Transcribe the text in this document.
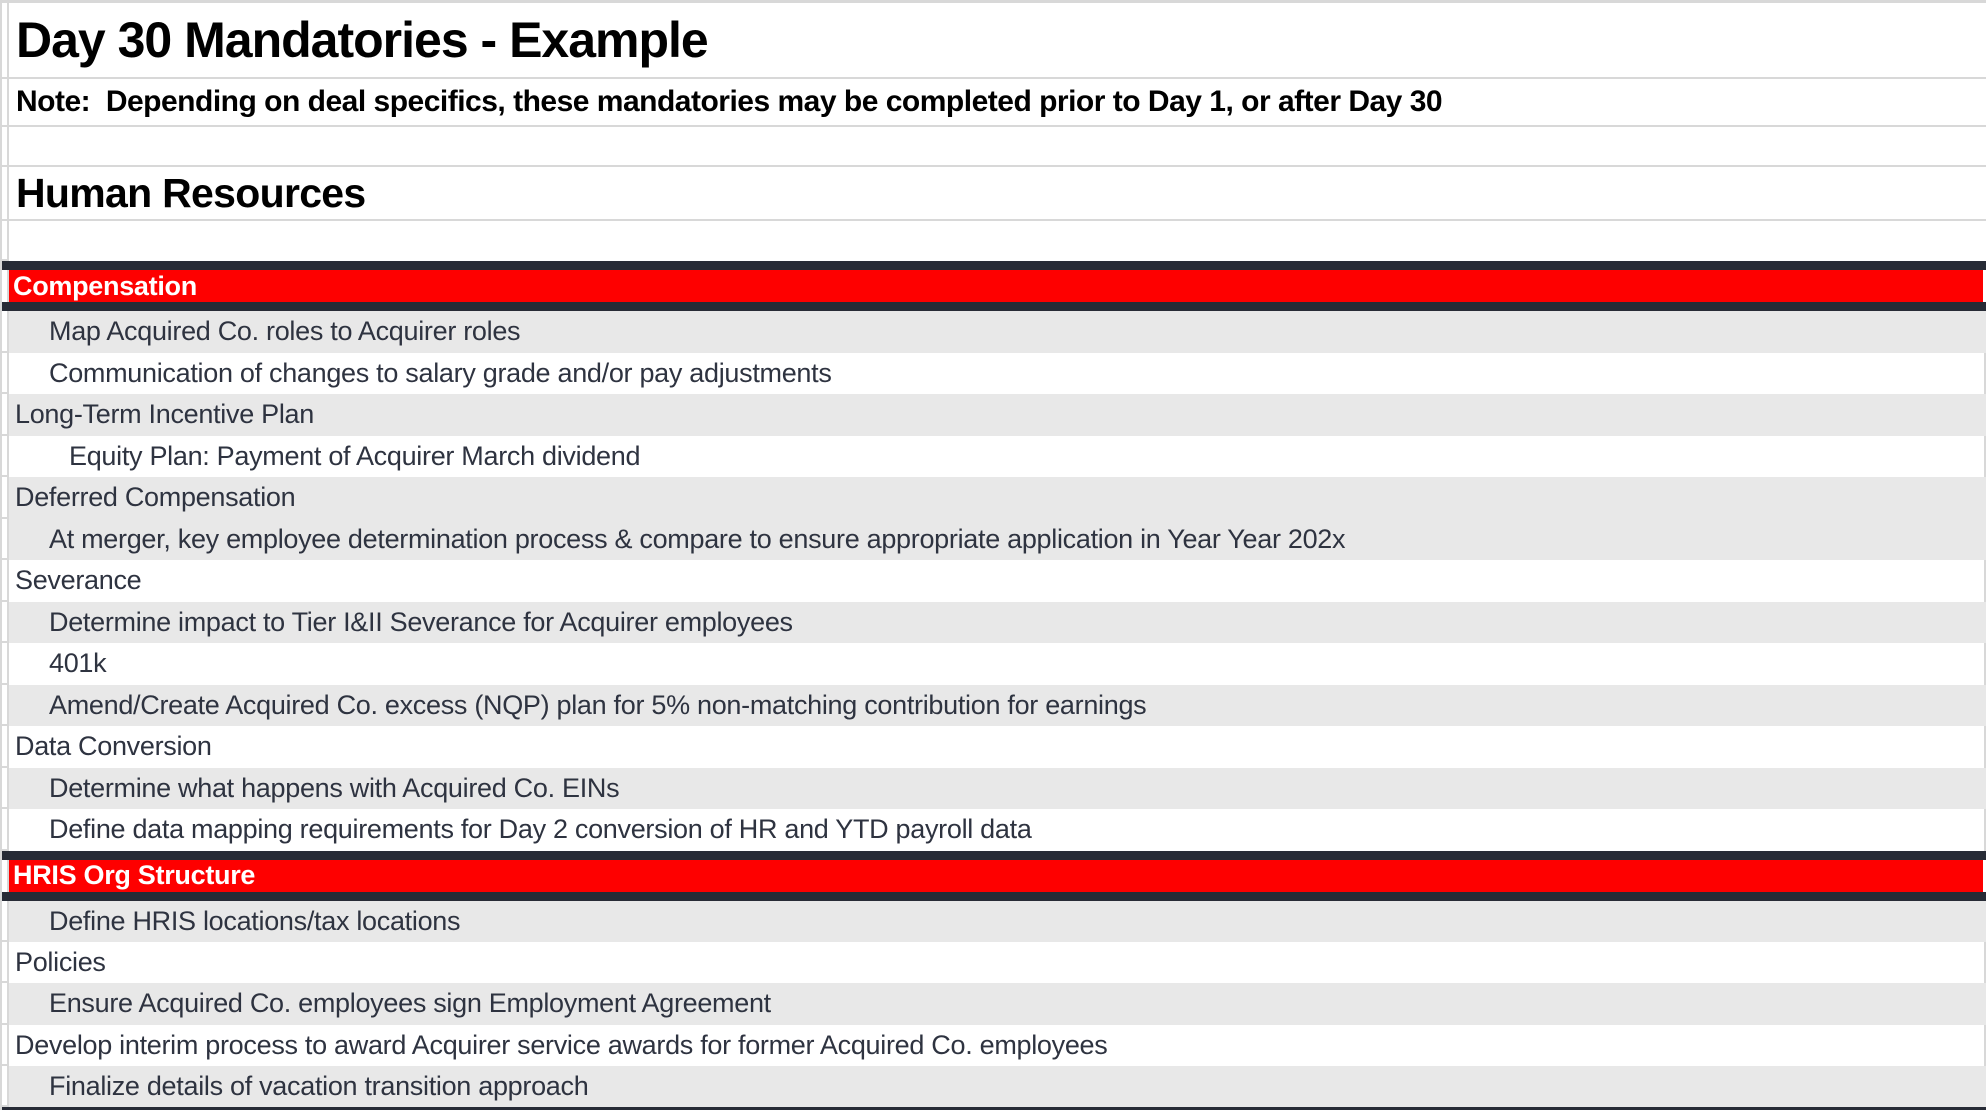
Day 30 Mandatories - Example
Note:  Depending on deal specifics, these mandatories may be completed prior to Day 1, or after Day 30
Human Resources
Compensation
Map Acquired Co. roles to Acquirer roles
Communication of changes to salary grade and/or pay adjustments
Long-Term Incentive Plan
Equity Plan: Payment of Acquirer March dividend
Deferred Compensation
At merger, key employee determination process & compare to ensure appropriate application in Year Year 202x
Severance
Determine impact to Tier I&II Severance for Acquirer employees
401k
Amend/Create Acquired Co. excess (NQP) plan for 5% non-matching contribution for earnings
Data Conversion
Determine what happens with Acquired Co. EINs
Define data mapping requirements for Day 2 conversion of HR and YTD payroll data
HRIS Org Structure
Define HRIS locations/tax locations
Policies
Ensure Acquired Co. employees sign Employment Agreement
Develop interim process to award Acquirer service awards for former Acquired Co. employees
Finalize details of vacation transition approach
